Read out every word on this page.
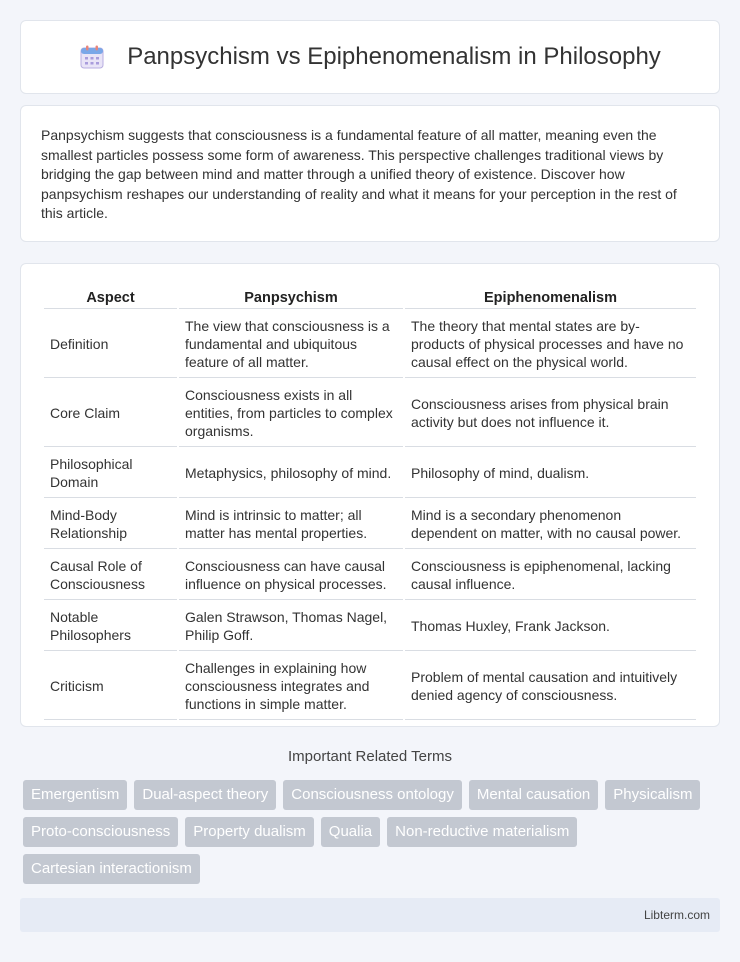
Panpsychism vs Epiphenomenalism in Philosophy

Panpsychism suggests that consciousness is a fundamental feature of all matter, meaning even the smallest particles possess some form of awareness. This perspective challenges traditional views by bridging the gap between mind and matter through a unified theory of existence. Discover how panpsychism reshapes our understanding of reality and what it means for your perception in the rest of this article.

Aspect	Panpsychism	Epiphenomenalism
Definition	The view that consciousness is a fundamental and ubiquitous feature of all matter.	The theory that mental states are by-products of physical processes and have no causal effect on the physical world.
Core Claim	Consciousness exists in all entities, from particles to complex organisms.	Consciousness arises from physical brain activity but does not influence it.
Philosophical Domain	Metaphysics, philosophy of mind.	Philosophy of mind, dualism.
Mind-Body Relationship	Mind is intrinsic to matter; all matter has mental properties.	Mind is a secondary phenomenon dependent on matter, with no causal power.
Causal Role of Consciousness	Consciousness can have causal influence on physical processes.	Consciousness is epiphenomenal, lacking causal influence.
Notable Philosophers	Galen Strawson, Thomas Nagel, Philip Goff.	Thomas Huxley, Frank Jackson.
Criticism	Challenges in explaining how consciousness integrates and functions in simple matter.	Problem of mental causation and intuitively denied agency of consciousness.
Important Related Terms
Emergentism	Dual-aspect theory	Consciousness ontology	Mental causation	Physicalism
Proto-consciousness	Property dualism	Qualia	Non-reductive materialism
Cartesian interactionism
Libterm.com
